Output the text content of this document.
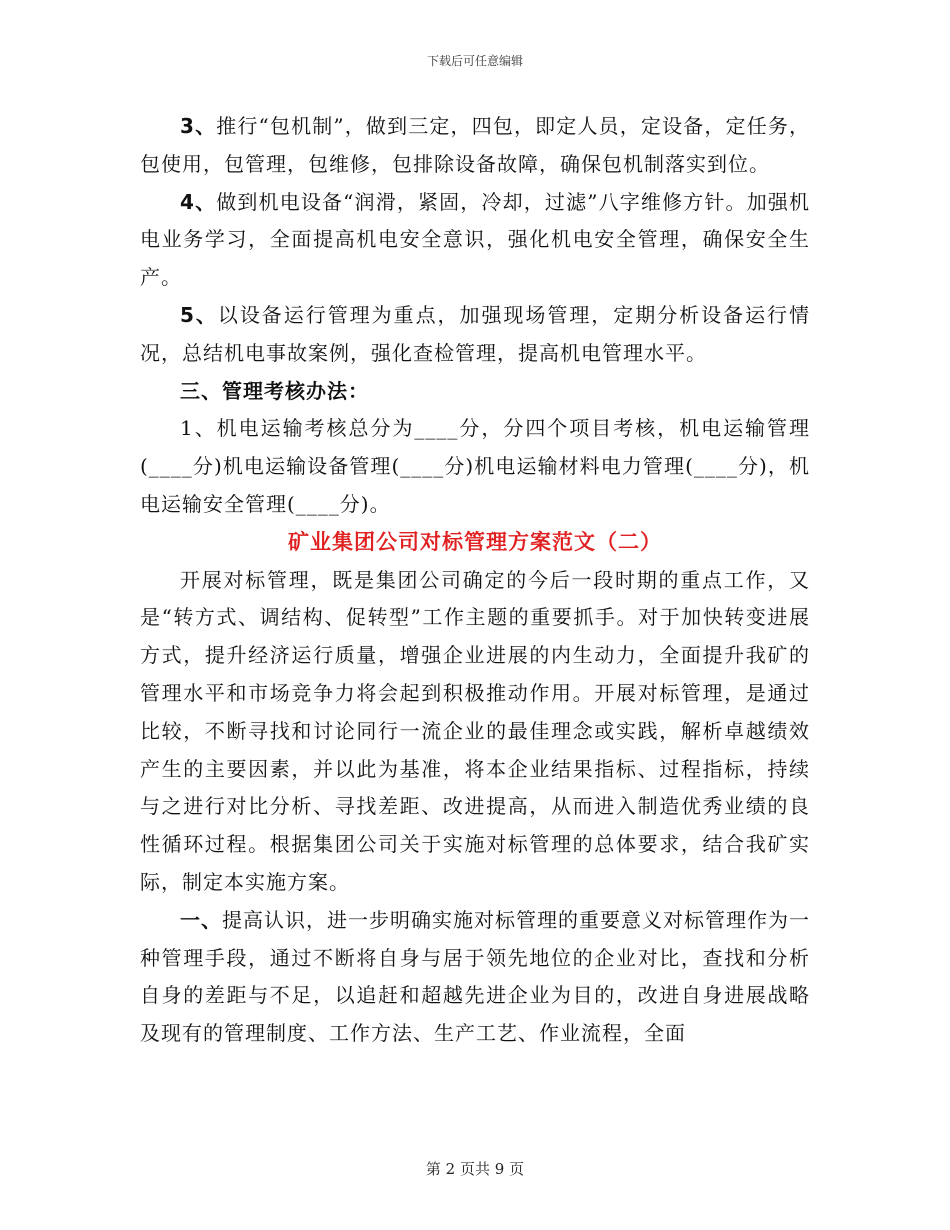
下载后可任意编辑

3、推行“包机制”，做到三定，四包，即定人员，定设备，定任务，包使用，包管理，包维修，包排除设备故障，确保包机制落实到位。

4、做到机电设备“润滑，紧固，冷却，过滤”八字维修方针。加强机电业务学习，全面提高机电安全意识，强化机电安全管理，确保安全生产。

5、以设备运行管理为重点，加强现场管理，定期分析设备运行情况，总结机电事故案例，强化查检管理，提高机电管理水平。

三、管理考核办法：

1、机电运输考核总分为____分，分四个项目考核，机电运输管理(____分)机电运输设备管理(____分)机电运输材料电力管理(____分)，机电运输安全管理(____分)。

矿业集团公司对标管理方案范文（二）

开展对标管理，既是集团公司确定的今后一段时期的重点工作，又是“转方式、调结构、促转型”工作主题的重要抓手。对于加快转变进展方式，提升经济运行质量，增强企业进展的内生动力，全面提升我矿的管理水平和市场竞争力将会起到积极推动作用。开展对标管理，是通过比较，不断寻找和讨论同行一流企业的最佳理念或实践，解析卓越绩效产生的主要因素，并以此为基准，将本企业结果指标、过程指标，持续与之进行对比分析、寻找差距、改进提高，从而进入制造优秀业绩的良性循环过程。根据集团公司关于实施对标管理的总体要求，结合我矿实际，制定本实施方案。

一、提高认识，进一步明确实施对标管理的重要意义对标管理作为一种管理手段，通过不断将自身与居于领先地位的企业对比，查找和分析自身的差距与不足，以追赶和超越先进企业为目的，改进自身进展战略及现有的管理制度、工作方法、生产工艺、作业流程，全面

第 2 页共 9 页
